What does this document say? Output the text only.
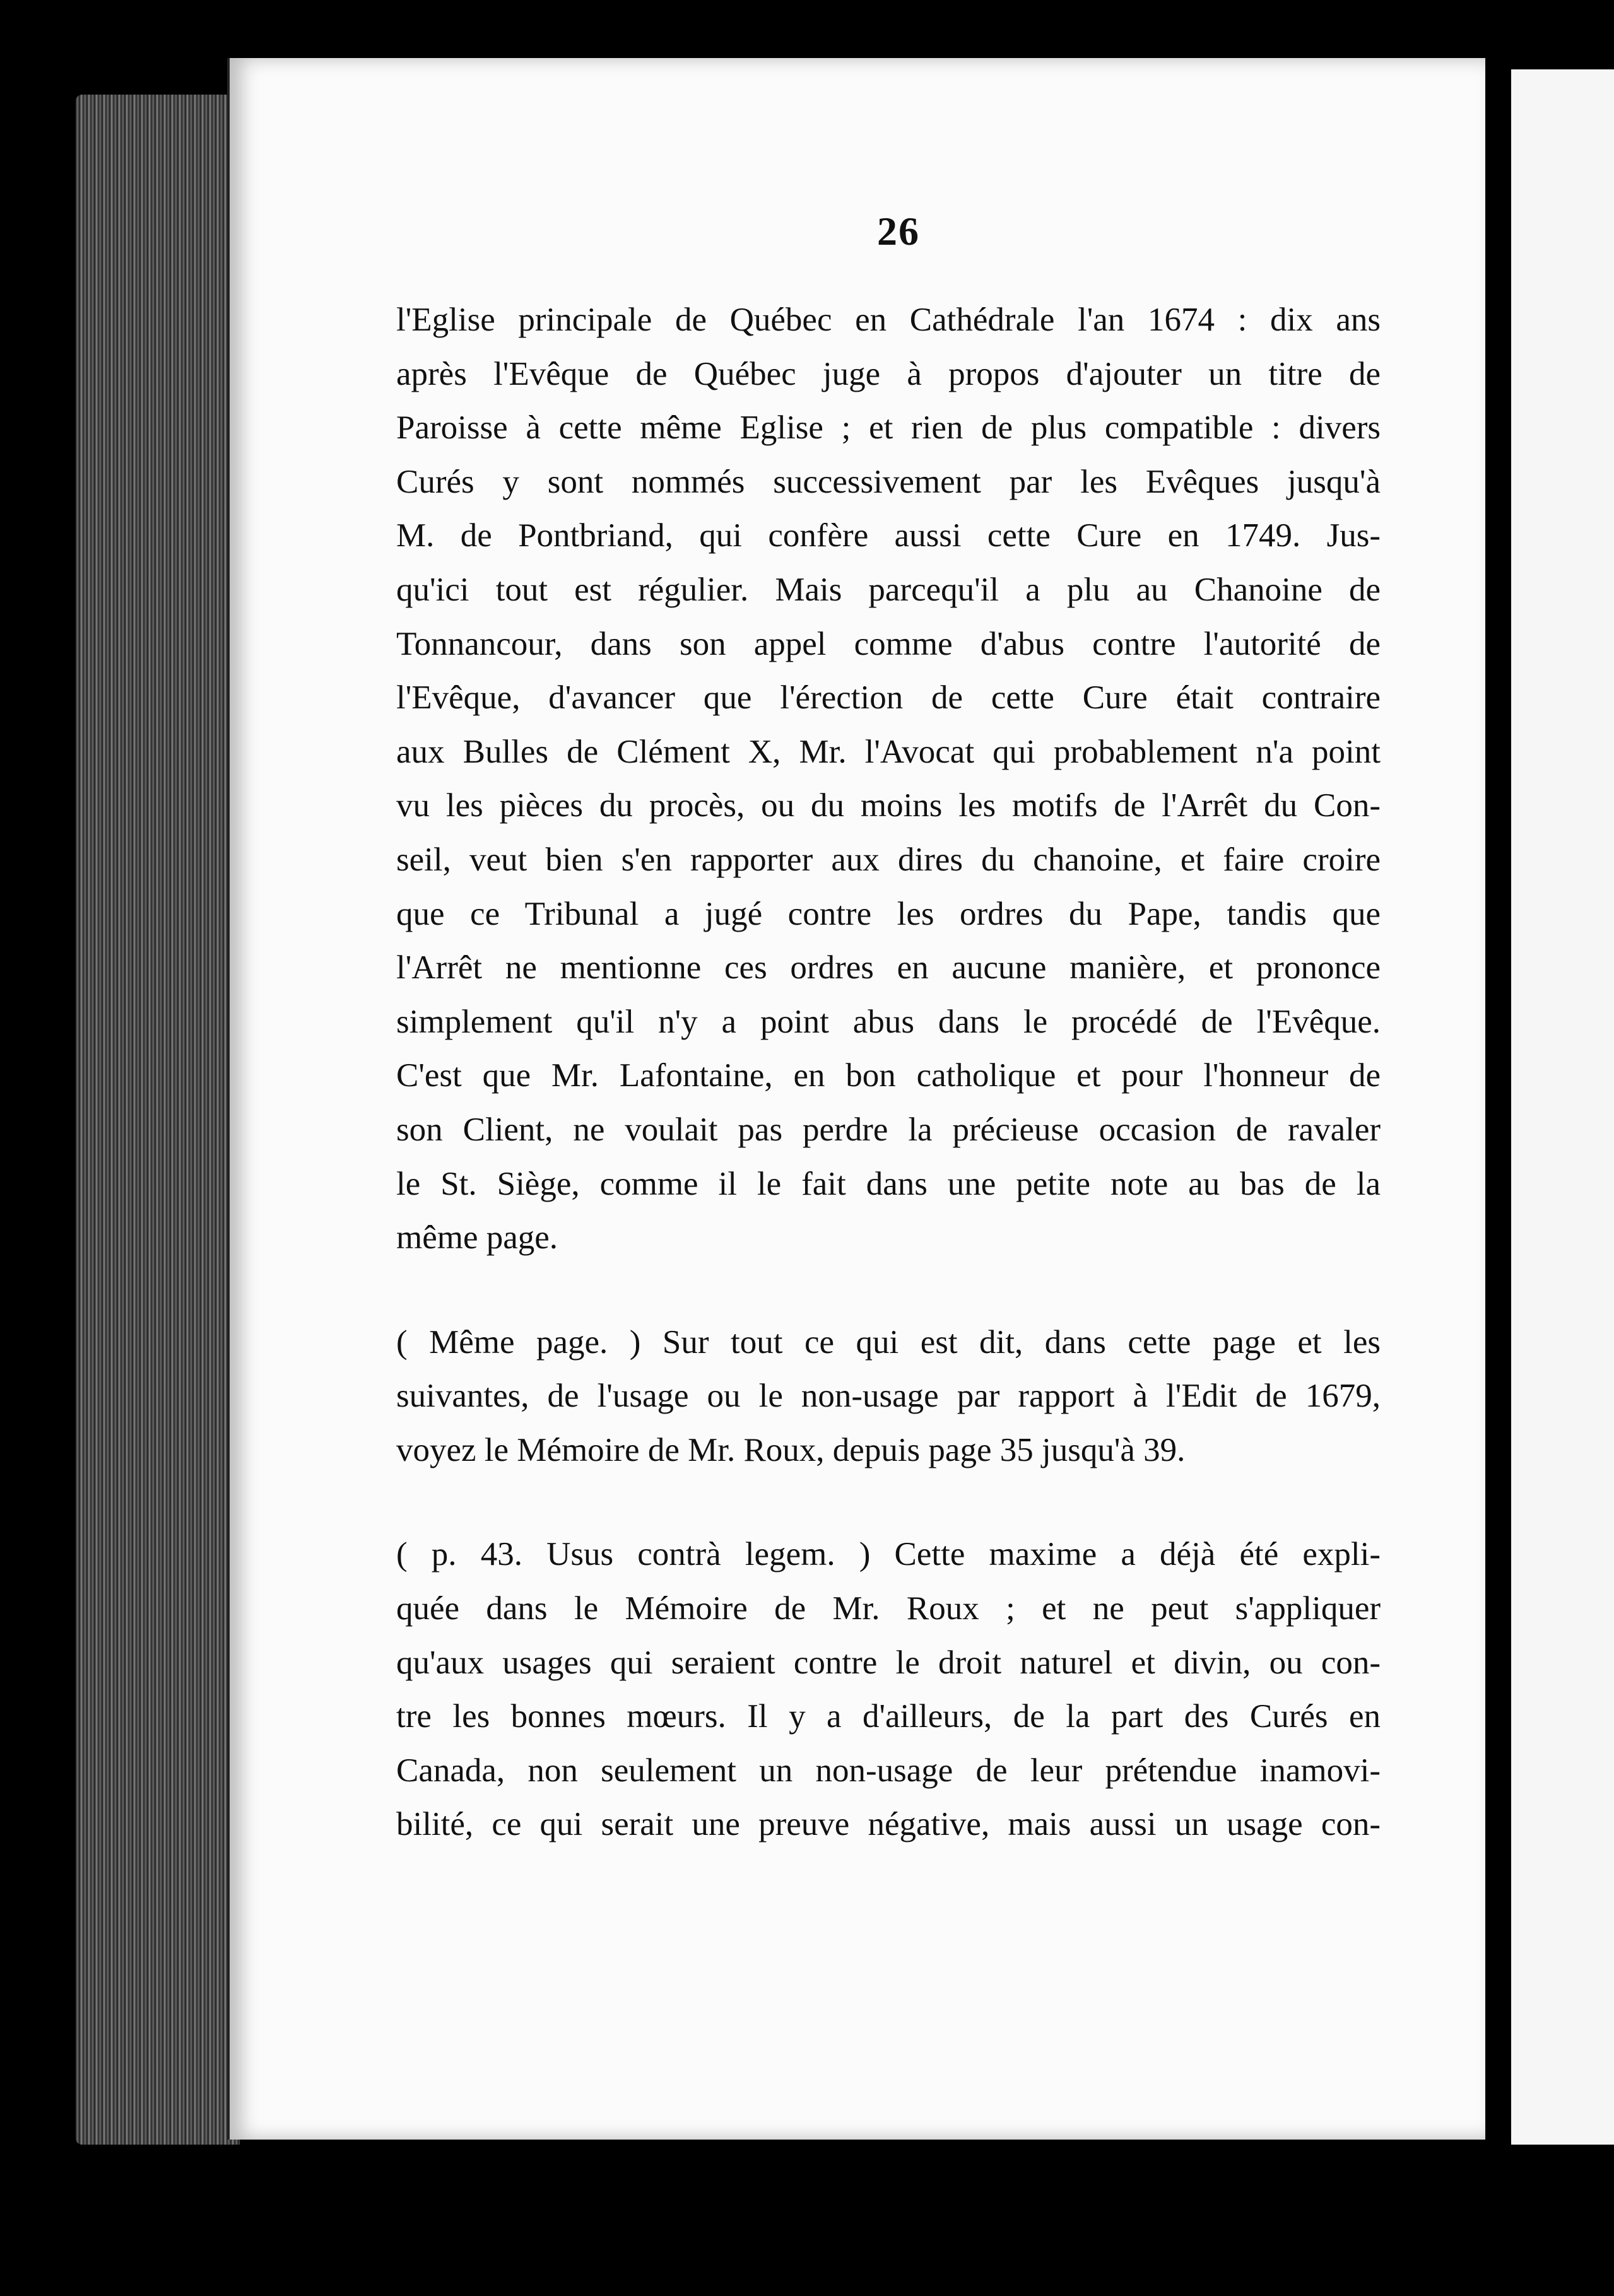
26
l'Eglise principale de Québec en Cathédrale l'an 1674 : dix ans
après l'Evêque de Québec juge à propos d'ajouter un titre de
Paroisse à cette même Eglise ; et rien de plus compatible : divers
Curés y sont nommés successivement par les Evêques jusqu'à
M. de Pontbriand, qui confère aussi cette Cure en 1749. Jus-
qu'ici tout est régulier. Mais parcequ'il a plu au Chanoine de
Tonnancour, dans son appel comme d'abus contre l'autorité de
l'Evêque, d'avancer que l'érection de cette Cure était contraire
aux Bulles de Clément X, Mr. l'Avocat qui probablement n'a point
vu les pièces du procès, ou du moins les motifs de l'Arrêt du Con-
seil, veut bien s'en rapporter aux dires du chanoine, et faire croire
que ce Tribunal a jugé contre les ordres du Pape, tandis que
l'Arrêt ne mentionne ces ordres en aucune manière, et prononce
simplement qu'il n'y a point abus dans le procédé de l'Evêque.
C'est que Mr. Lafontaine, en bon catholique et pour l'honneur de
son Client, ne voulait pas perdre la précieuse occasion de ravaler
le St. Siège, comme il le fait dans une petite note au bas de la
même page.
( Même page. ) Sur tout ce qui est dit, dans cette page et les
suivantes, de l'usage ou le non-usage par rapport à l'Edit de 1679,
voyez le Mémoire de Mr. Roux, depuis page 35 jusqu'à 39.
( p. 43. Usus contrà legem. ) Cette maxime a déjà été expli-
quée dans le Mémoire de Mr. Roux ; et ne peut s'appliquer
qu'aux usages qui seraient contre le droit naturel et divin, ou con-
tre les bonnes mœurs. Il y a d'ailleurs, de la part des Curés en
Canada, non seulement un non-usage de leur prétendue inamovi-
bilité, ce qui serait une preuve négative, mais aussi un usage con-
